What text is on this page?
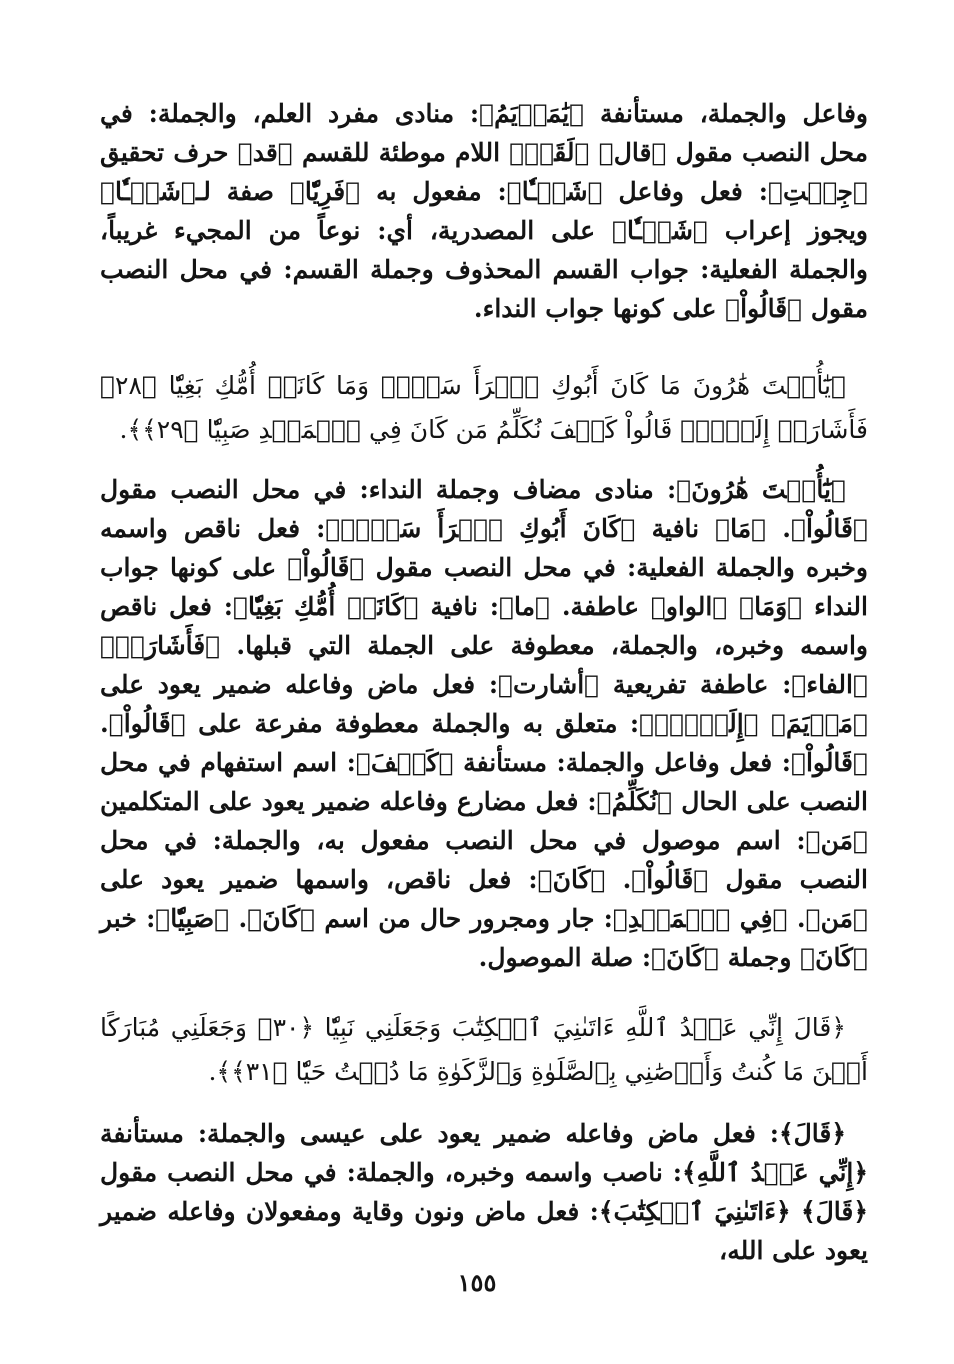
وفاعل والجملة، مستأنفة ﴿يَٰمَرۡيَمُ﴾: منادى مفرد العلم، والجملة: في محل النصب مقول ﴿قال﴾ ﴿لَقَدۡ﴾ اللام موطئة للقسم ﴿قد﴾ حرف تحقيق ﴿جِئۡتِ﴾: فعل وفاعل ﴿شَيۡـٔٗا﴾: مفعول به ﴿فَرِيّٗا﴾ صفة لـ﴿شَيۡـٔٗا﴾ ويجوز إعراب ﴿شَيۡـٔٗا﴾ على المصدرية، أي: نوعاً من المجيء غريباً، والجملة الفعلية: جواب القسم المحذوف وجملة القسم: في محل النصب مقول ﴿قَالُواْ﴾ على كونها جواب النداء.

﴿يَٰٓأُخۡتَ هَٰرُونَ مَا كَانَ أَبُوكِ ٱمۡرَأَ سَوۡءٖ وَمَا كَانَتۡ أُمُّكِ بَغِيّٗا ﴿٢٨﴾ فَأَشَارَتۡ إِلَيۡهِۖ قَالُواْ كَيۡفَ نُكَلِّمُ مَن كَانَ فِي ٱلۡمَهۡدِ صَبِيّٗا ﴿٢٩﴾﴾.

﴿يَٰٓأُخۡتَ هَٰرُونَ﴾: منادى مضاف وجملة النداء: في محل النصب مقول ﴿قَالُواْ﴾. ﴿مَا﴾ نافية ﴿كَانَ أَبُوكِ ٱمۡرَأَ سَوۡءٖ﴾: فعل ناقص واسمه وخبره والجملة الفعلية: في محل النصب مقول ﴿قَالُواْ﴾ على كونها جواب النداء ﴿وَمَا﴾ ﴿الواو﴾ عاطفة. ﴿ما﴾: نافية ﴿كَانَتۡ أُمُّكِ بَغِيّٗا﴾: فعل ناقص واسمه وخبره، والجملة، معطوفة على الجملة التي قبلها. ﴿فَأَشَارَتۡ﴾ ﴿الفاء﴾: عاطفة تفريعية ﴿أشارت﴾: فعل ماض وفاعله ضمير يعود على ﴿مَرۡيَمَ﴾ ﴿إِلَيۡهِۖ﴾: متعلق به والجملة معطوفة مفرعة على ﴿قَالُواْ﴾. ﴿قَالُواْ﴾: فعل وفاعل والجملة: مستأنفة ﴿كَيۡفَ﴾: اسم استفهام في محل النصب على الحال ﴿نُكَلِّمُ﴾: فعل مضارع وفاعله ضمير يعود على المتكلمين ﴿مَن﴾: اسم موصول في محل النصب مفعول به، والجملة: في محل النصب مقول ﴿قَالُواْ﴾. ﴿كَانَ﴾: فعل ناقص، واسمها ضمير يعود على ﴿مَن﴾. ﴿فِي ٱلۡمَهۡدِ﴾: جار ومجرور حال من اسم ﴿كَانَ﴾. ﴿صَبِيّٗا﴾: خبر ﴿كَانَ﴾ وجملة ﴿كَانَ﴾: صلة الموصول.

﴿قَالَ إِنِّي عَبۡدُ ٱللَّهِ ءَاتَىٰنِيَ ٱلۡكِتَٰبَ وَجَعَلَنِي نَبِيّٗا ﴿٣٠﴾ وَجَعَلَنِي مُبَارَكًا أَيۡنَ مَا كُنتُ وَأَوۡصَٰنِي بِٱلصَّلَوٰةِ وَٱلزَّكَوٰةِ مَا دُمۡتُ حَيّٗا ﴿٣١﴾﴾.

﴿قَالَ﴾: فعل ماض وفاعله ضمير يعود على عيسى والجملة: مستأنفة ﴿إِنِّي عَبۡدُ ٱللَّهِ﴾: ناصب واسمه وخبره، والجملة: في محل النصب مقول ﴿قَالَ﴾ ﴿ءَاتَىٰنِيَ ٱلۡكِتَٰبَ﴾: فعل ماض ونون وقاية ومفعولان وفاعله ضمير يعود على الله،

١٥٥
